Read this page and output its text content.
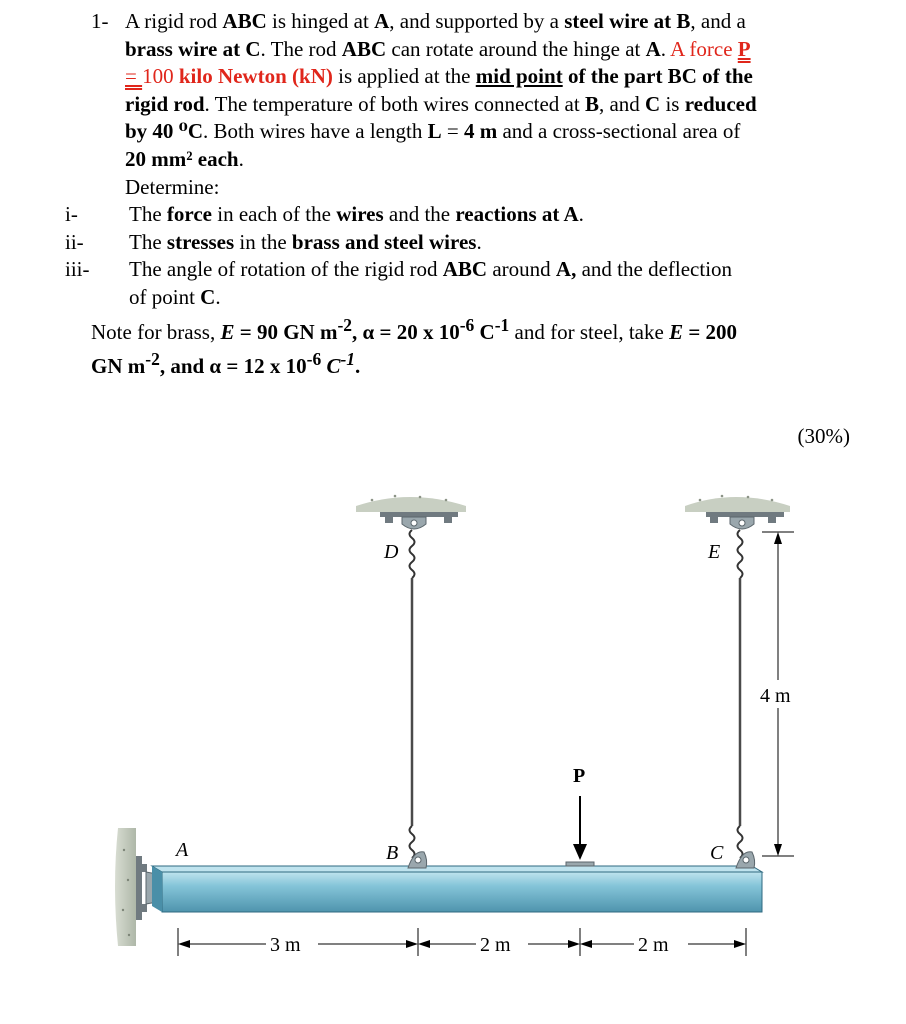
1- A rigid rod ABC is hinged at A, and supported by a steel wire at B, and a

brass wire at C. The rod ABC can rotate around the hinge at A. A force P

= 100 kilo Newton (kN) is applied at the mid point of the part BC of the

rigid rod. The temperature of both wires connected at B, and C is reduced

by 40 ⁰C. Both wires have a length L = 4 m and a cross-sectional area of

20 mm² each.

Determine:

i- The force in each of the wires and the reactions at A.

ii- The stresses in the brass and steel wires.

iii- The angle of rotation of the rigid rod ABC around A, and the deflection
of point C.

Note for brass, E = 90 GN $m^{-2}$, α = 20 x $10^{-6}$ $C^{-1}$ and for steel, take E = 200
GN $m^{-2}$, and α = 12 x $10^{-6}$ $C^{-1}$.

(30%)
A	B	C
D	E
P
4 m
3 m	2 m	2 m
